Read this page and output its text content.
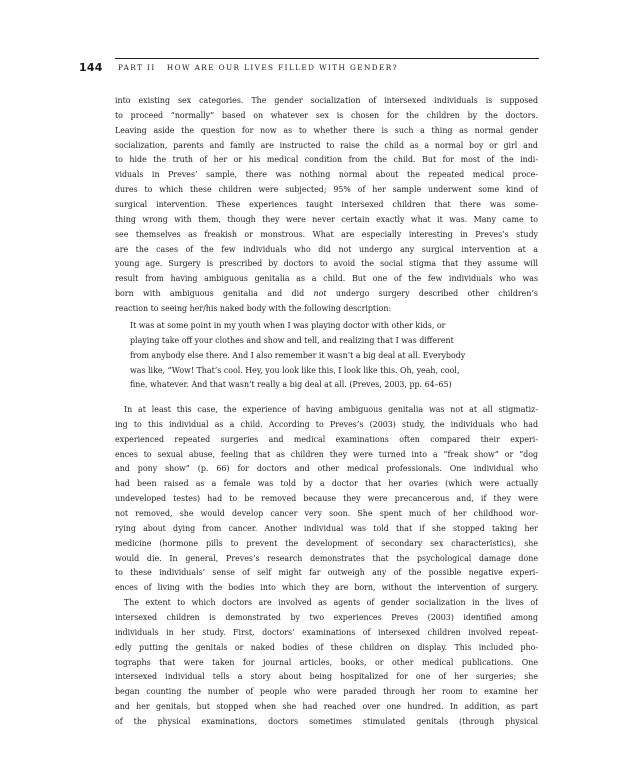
144 PART II HOW ARE OUR LIVES FILLED WITH GENDER?
into existing sex categories. The gender socialization of intersexed individuals is supposed
to proceed “normally” based on whatever sex is chosen for the children by the doctors.
Leaving aside the question for now as to whether there is such a thing as normal gender
socialization, parents and family are instructed to raise the child as a normal boy or girl and
to hide the truth of her or his medical condition from the child. But for most of the indi-
viduals in Preves’ sample, there was nothing normal about the repeated medical proce-
dures to which these children were subjected; 95% of her sample underwent some kind of
surgical intervention. These experiences taught intersexed children that there was some-
thing wrong with them, though they were never certain exactly what it was. Many came to
see themselves as freakish or monstrous. What are especially interesting in Preves’s study
are the cases of the few individuals who did not undergo any surgical intervention at a
young age. Surgery is prescribed by doctors to avoid the social stigma that they assume will
result from having ambiguous genitalia as a child. But one of the few individuals who was
born with ambiguous genitalia and did not undergo surgery described other children’s
reaction to seeing her/his naked body with the following description:
It was at some point in my youth when I was playing doctor with other kids, or
playing take off your clothes and show and tell, and realizing that I was different
from anybody else there. And I also remember it wasn’t a big deal at all. Everybody
was like, “Wow! That’s cool. Hey, you look like this, I look like this. Oh, yeah, cool,
fine, whatever. And that wasn’t really a big deal at all. (Preves, 2003, pp. 64–65)
In at least this case, the experience of having ambiguous genitalia was not at all stigmatiz-
ing to this individual as a child. According to Preves’s (2003) study, the individuals who had
experienced repeated surgeries and medical examinations often compared their experi-
ences to sexual abuse, feeling that as children they were turned into a “freak show” or “dog
and pony show” (p. 66) for doctors and other medical professionals. One individual who
had been raised as a female was told by a doctor that her ovaries (which were actually
undeveloped testes) had to be removed because they were precancerous and, if they were
not removed, she would develop cancer very soon. She spent much of her childhood wor-
rying about dying from cancer. Another individual was told that if she stopped taking her
medicine (hormone pills to prevent the development of secondary sex characteristics), she
would die. In general, Preves’s research demonstrates that the psychological damage done
to these individuals’ sense of self might far outweigh any of the possible negative experi-
ences of living with the bodies into which they are born, without the intervention of surgery.
The extent to which doctors are involved as agents of gender socialization in the lives of
intersexed children is demonstrated by two experiences Preves (2003) identified among
individuals in her study. First, doctors’ examinations of intersexed children involved repeat-
edly putting the genitals or naked bodies of these children on display. This included pho-
tographs that were taken for journal articles, books, or other medical publications. One
intersexed individual tells a story about being hospitalized for one of her surgeries; she
began counting the number of people who were paraded through her room to examine her
and her genitals, but stopped when she had reached over one hundred. In addition, as part
of the physical examinations, doctors sometimes stimulated genitals (through physical
